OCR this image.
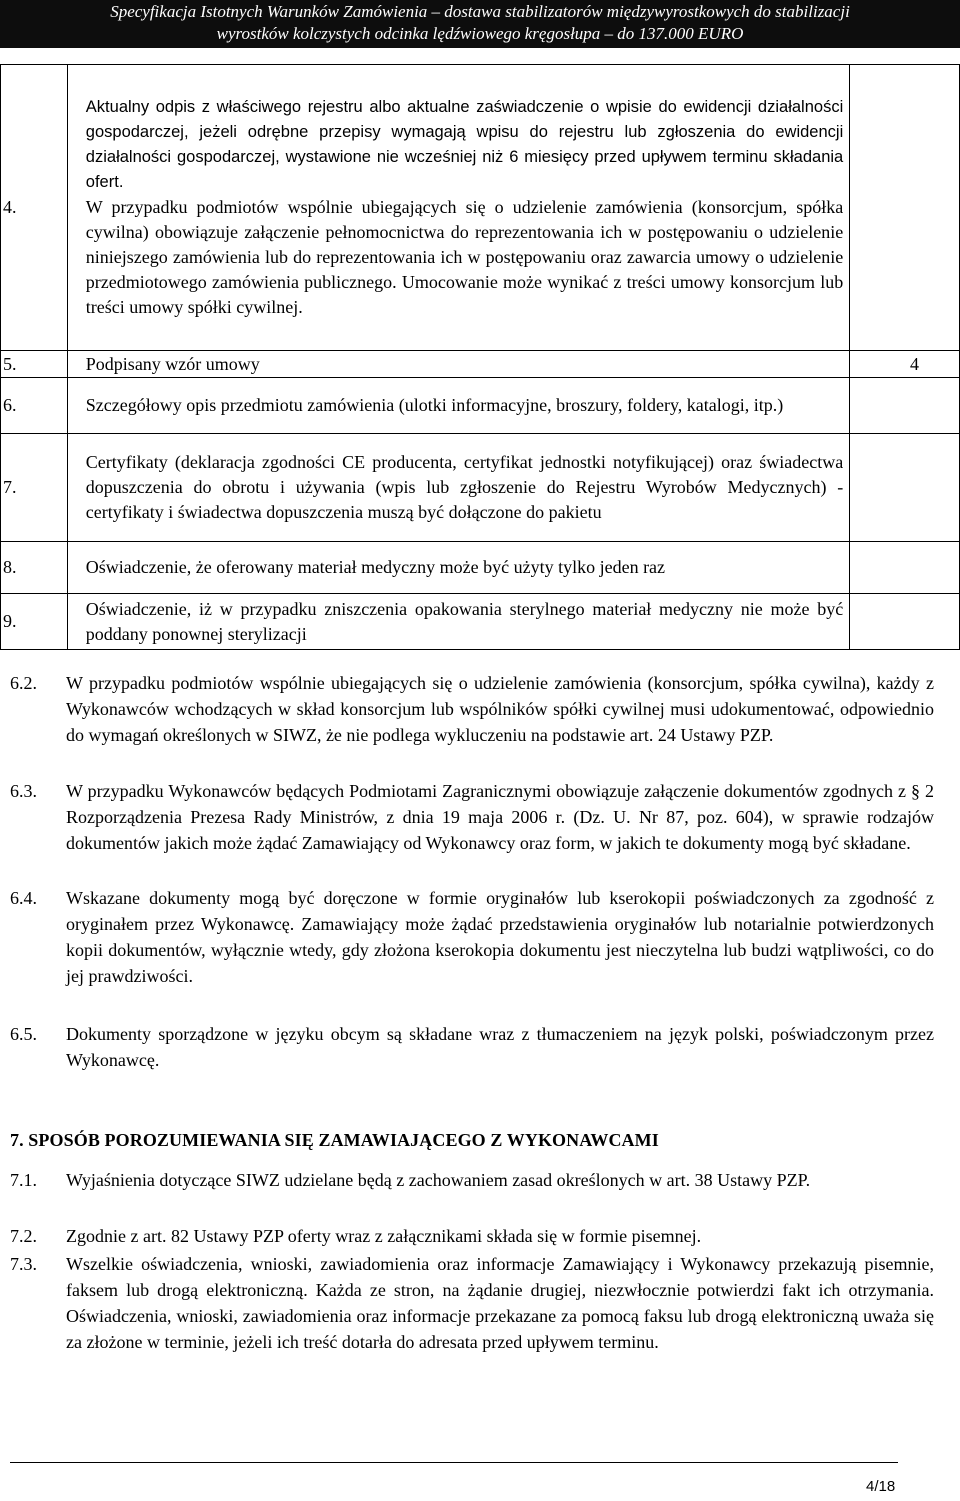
Specyfikacja Istotnych Warunków Zamówienia – dostawa stabilizatorów międzywyrostkowych do stabilizacji
wyrostków kolczystych odcinka lędźwiowego kręgosłupa – do 137.000 EURO
4.	Aktualny odpis z właściwego rejestru albo aktualne zaświadczenie o wpisie do ewidencji działalności gospodarczej, jeżeli odrębne przepisy wymagają wpisu do rejestru lub zgłoszenia do ewidencji działalności gospodarczej, wystawione nie wcześniej niż 6 miesięcy przed upływem terminu składania ofert.
W przypadku podmiotów wspólnie ubiegających się o udzielenie zamówienia (konsorcjum, spółka cywilna) obowiązuje załączenie pełnomocnictwa do reprezentowania ich w postępowaniu o udzielenie niniejszego zamówienia lub do reprezentowania ich w postępowaniu oraz zawarcia umowy o udzielenie przedmiotowego zamówienia publicznego. Umocowanie może wynikać z treści umowy konsorcjum lub treści umowy spółki cywilnej.	

5.	Podpisany wzór umowy	4
6.	Szczegółowy opis przedmiotu zamówienia (ulotki informacyjne, broszury, foldery, katalogi, itp.)	

7.	Certyfikaty (deklaracja zgodności CE producenta, certyfikat jednostki notyfikującej) oraz świadectwa dopuszczenia do obrotu i używania (wpis lub zgłoszenie do Rejestru Wyrobów Medycznych) - certyfikaty i świadectwa dopuszczenia muszą być dołączone do pakietu	

8.	Oświadczenie, że oferowany materiał medyczny może być użyty tylko jeden raz	

9.	Oświadczenie, iż w przypadku zniszczenia opakowania sterylnego materiał medyczny nie może być poddany ponownej sterylizacji	

6.2. W przypadku podmiotów wspólnie ubiegających się o udzielenie zamówienia (konsorcjum, spółka cywilna), każdy z Wykonawców wchodzących w skład konsorcjum lub wspólników spółki cywilnej musi udokumentować, odpowiednio do wymagań określonych w SIWZ, że nie podlega wykluczeniu na podstawie art. 24 Ustawy PZP.
6.3. W przypadku Wykonawców będących Podmiotami Zagranicznymi obowiązuje załączenie dokumentów zgodnych z § 2 Rozporządzenia Prezesa Rady Ministrów, z dnia 19 maja 2006 r. (Dz. U. Nr 87, poz. 604), w sprawie rodzajów dokumentów jakich może żądać Zamawiający od Wykonawcy oraz form, w jakich te dokumenty mogą być składane.
6.4. Wskazane dokumenty mogą być doręczone w formie oryginałów lub kserokopii poświadczonych za zgodność z oryginałem przez Wykonawcę. Zamawiający może żądać przedstawienia oryginałów lub notarialnie potwierdzonych kopii dokumentów, wyłącznie wtedy, gdy złożona kserokopia dokumentu jest nieczytelna lub budzi wątpliwości, co do jej prawdziwości.
6.5. Dokumenty sporządzone w języku obcym są składane wraz z tłumaczeniem na język polski, poświadczonym przez Wykonawcę.
7. SPOSÓB POROZUMIEWANIA SIĘ ZAMAWIAJĄCEGO Z WYKONAWCAMI
7.1. Wyjaśnienia dotyczące SIWZ udzielane będą z zachowaniem zasad określonych w art. 38 Ustawy PZP.
7.2. Zgodnie z art. 82 Ustawy PZP oferty wraz z załącznikami składa się w formie pisemnej.
7.3. Wszelkie oświadczenia, wnioski, zawiadomienia oraz informacje Zamawiający i Wykonawcy przekazują pisemnie, faksem lub drogą elektroniczną. Każda ze stron, na żądanie drugiej, niezwłocznie potwierdzi fakt ich otrzymania. Oświadczenia, wnioski, zawiadomienia oraz informacje przekazane za pomocą faksu lub drogą elektroniczną uważa się za złożone w terminie, jeżeli ich treść dotarła do adresata przed upływem terminu.
4/18
